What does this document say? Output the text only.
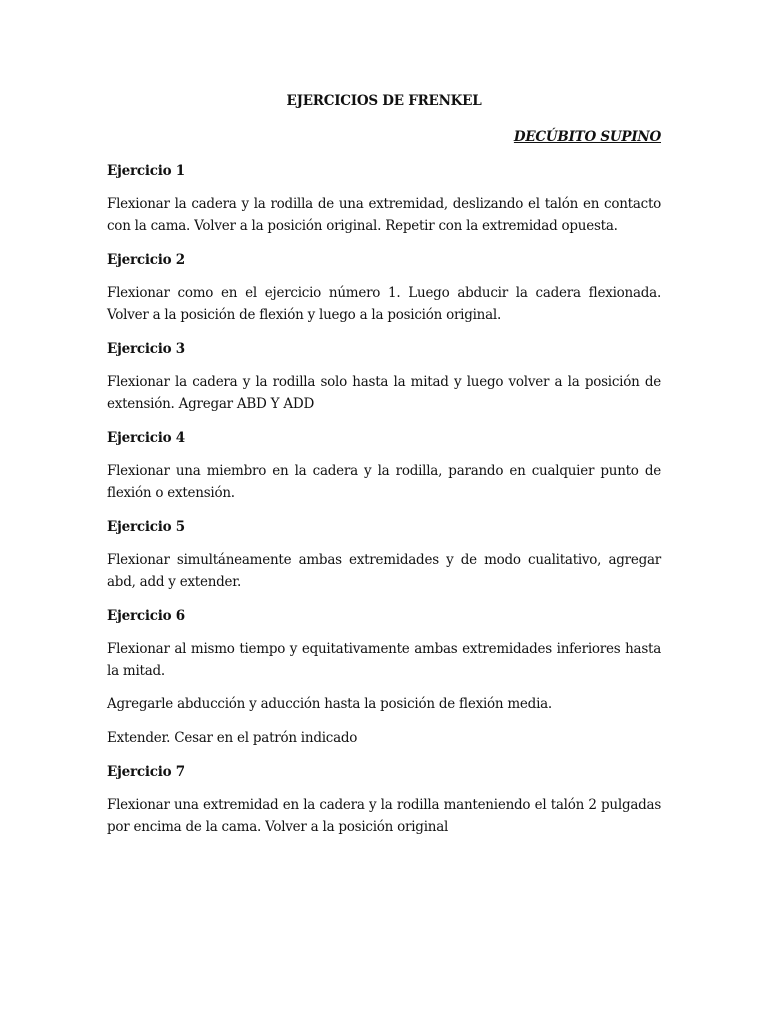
EJERCICIOS DE FRENKEL
DECÚBITO SUPINO
Ejercicio 1

Flexionar la cadera y la rodilla de una extremidad, deslizando el talón en contacto con la cama. Volver a la posición original. Repetir con la extremidad opuesta.

Ejercicio 2

Flexionar como en el ejercicio número 1. Luego abducir la cadera flexionada. Volver a la posición de flexión y luego a la posición original.

Ejercicio 3

Flexionar la cadera y la rodilla solo hasta la mitad y luego volver a la posición de extensión. Agregar ABD Y ADD

Ejercicio 4

Flexionar una miembro en la cadera y la rodilla, parando en cualquier punto de flexión o extensión.

Ejercicio 5

Flexionar simultáneamente ambas extremidades y de modo cualitativo, agregar abd, add y extender.

Ejercicio 6

Flexionar al mismo tiempo y equitativamente ambas extremidades inferiores hasta la mitad.

Agregarle abducción y aducción hasta la posición de flexión media.

Extender. Cesar en el patrón indicado

Ejercicio 7

Flexionar una extremidad en la cadera y la rodilla manteniendo el talón 2 pulgadas por encima de la cama. Volver a la posición original
